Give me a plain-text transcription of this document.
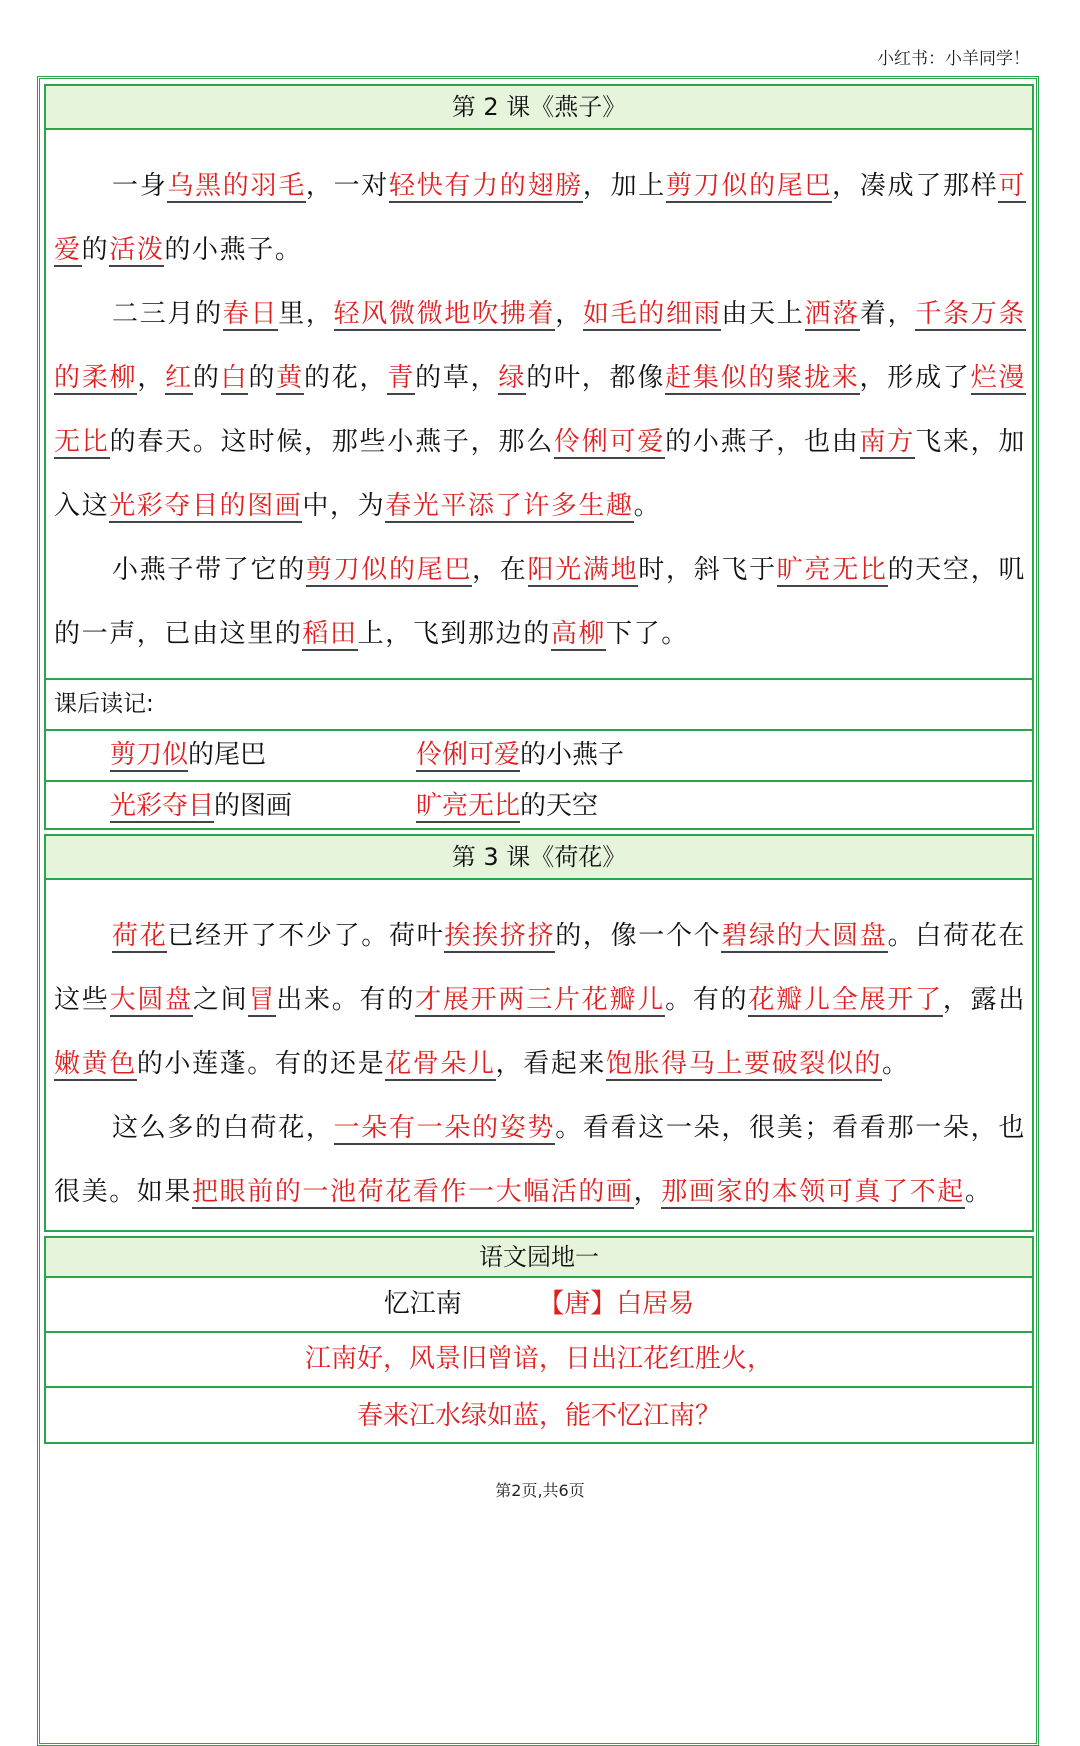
小红书：小羊同学！
第 2 课《燕子》

一身乌黑的羽毛，一对轻快有力的翅膀，加上剪刀似的尾巴，凑成了那样可爱的活泼的小燕子。

二三月的春日里，轻风微微地吹拂着，如毛的细雨由天上洒落着，千条万条的柔柳，红的白的黄的花，青的草，绿的叶，都像赶集似的聚拢来，形成了烂漫无比的春天。这时候，那些小燕子，那么伶俐可爱的小燕子，也由南方飞来，加入这光彩夺目的图画中，为春光平添了许多生趣。

小燕子带了它的剪刀似的尾巴，在阳光满地时，斜飞于旷亮无比的天空，叽的一声，已由这里的稻田上，飞到那边的高柳下了。

课后读记:
剪刀似的尾巴	伶俐可爱的小燕子
光彩夺目的图画	旷亮无比的天空
第 3 课《荷花》

荷花已经开了不少了。荷叶挨挨挤挤的，像一个个碧绿的大圆盘。白荷花在这些大圆盘之间冒出来。有的才展开两三片花瓣儿。有的花瓣儿全展开了，露出嫩黄色的小莲蓬。有的还是花骨朵儿，看起来饱胀得马上要破裂似的。

这么多的白荷花，一朵有一朵的姿势。看看这一朵，很美；看看那一朵，也很美。如果把眼前的一池荷花看作一大幅活的画，那画家的本领可真了不起。

语文园地一
忆江南	【唐】白居易
江南好，风景旧曾谙，日出江花红胜火，
春来江水绿如蓝，能不忆江南？
第2页,共6页
